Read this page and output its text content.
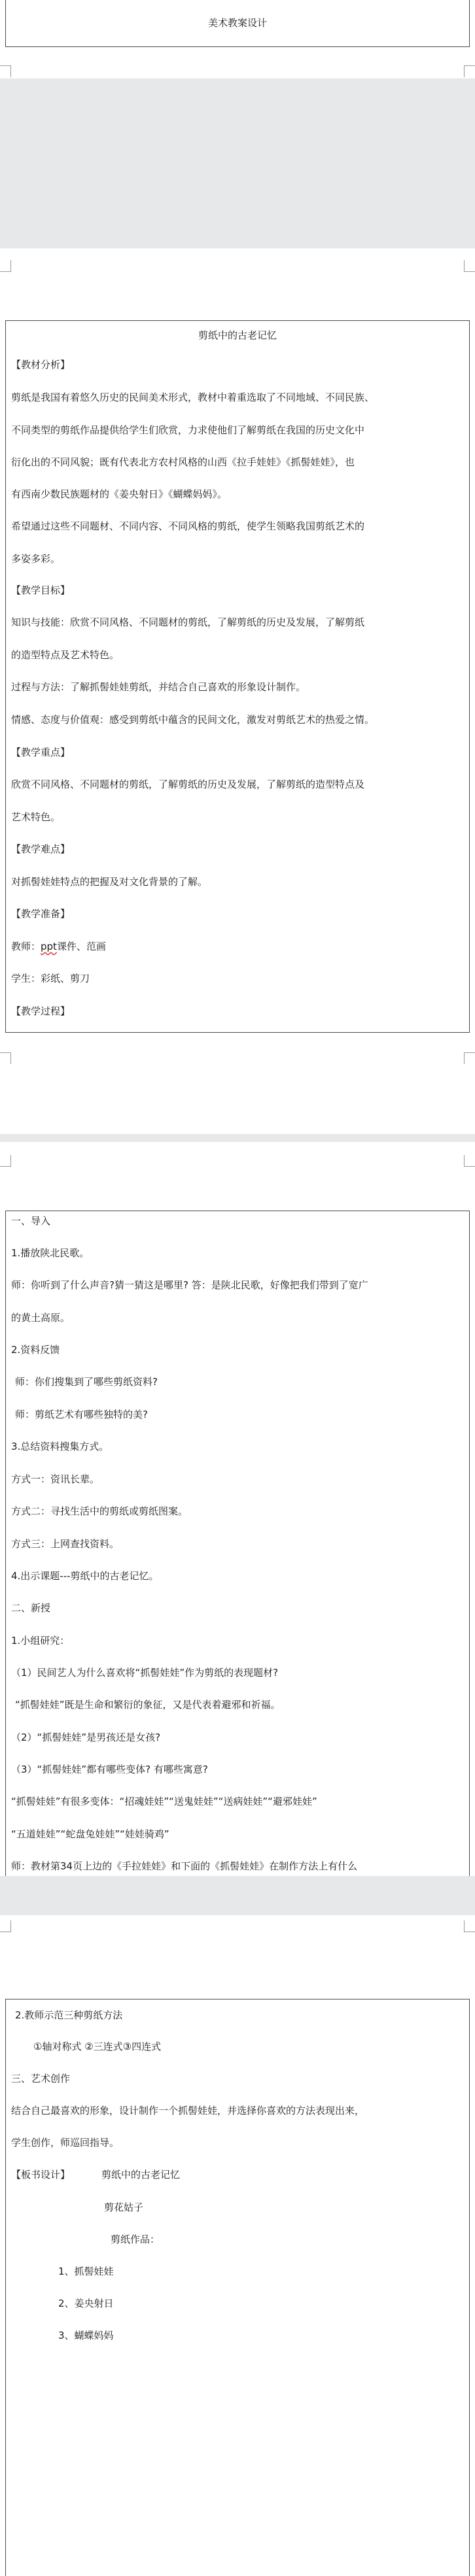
美术教案设计
剪纸中的古老记忆
【教材分析】
剪纸是我国有着悠久历史的民间美术形式，教材中着重选取了不同地域、不同民族、
不同类型的剪纸作品提供给学生们欣赏，力求使他们了解剪纸在我国的历史文化中
衍化出的不同风貌；既有代表北方农村风格的山西《拉手娃娃》《抓髻娃娃》，也
有西南少数民族题材的《姜央射日》《蝴蝶妈妈》。
希望通过这些不同题材、不同内容、不同风格的剪纸，使学生领略我国剪纸艺术的
多姿多彩。
【教学目标】
知识与技能：欣赏不同风格、不同题材的剪纸，了解剪纸的历史及发展，了解剪纸
的造型特点及艺术特色。
过程与方法：了解抓髻娃娃剪纸，并结合自己喜欢的形象设计制作。
情感、态度与价值观：感受到剪纸中蕴含的民间文化，激发对剪纸艺术的热爱之情。
【教学重点】
欣赏不同风格、不同题材的剪纸，了解剪纸的历史及发展，了解剪纸的造型特点及
艺术特色。
【教学难点】
对抓髻娃娃特点的把握及对文化背景的了解。
【教学准备】
教师：ppt课件、范画
学生：彩纸、剪刀
【教学过程】
一、导入
1.播放陕北民歌。
师：你听到了什么声音?猜一猜这是哪里? 答：是陕北民歌，好像把我们带到了宽广
的黄土高原。
2.资料反馈
师：你们搜集到了哪些剪纸资料?
师：剪纸艺术有哪些独特的美?
3.总结资料搜集方式。
方式一：资讯长辈。
方式二：寻找生活中的剪纸或剪纸图案。
方式三：上网查找资料。
4.出示课题---剪纸中的古老记忆。
二、新授
1.小组研究：
（1）民间艺人为什么喜欢将“抓髻娃娃”作为剪纸的表现题材?
“抓髻娃娃”既是生命和繁衍的象征，又是代表着避邪和祈福。
（2）“抓髻娃娃”是男孩还是女孩?
（3）“抓髻娃娃”都有哪些变体? 有哪些寓意?
“抓髻娃娃”有很多变体：“招魂娃娃”“送鬼娃娃”“送病娃娃”“避邪娃娃”
“五道娃娃”“蛇盘兔娃娃”“娃娃骑鸡”
师：教材第34页上边的《手拉娃娃》和下面的《抓髻娃娃》在制作方法上有什么
2.教师示范三种剪纸方法
①轴对称式 ②三连式③四连式
三、艺术创作
结合自己最喜欢的形象，设计制作一个抓髻娃娃，并选择你喜欢的方法表现出来，
学生创作，师巡回指导。
【板书设计】	剪纸中的古老记忆
剪花姑子
剪纸作品：
1、抓髻娃娃
2、姜央射日
3、蝴蝶妈妈
